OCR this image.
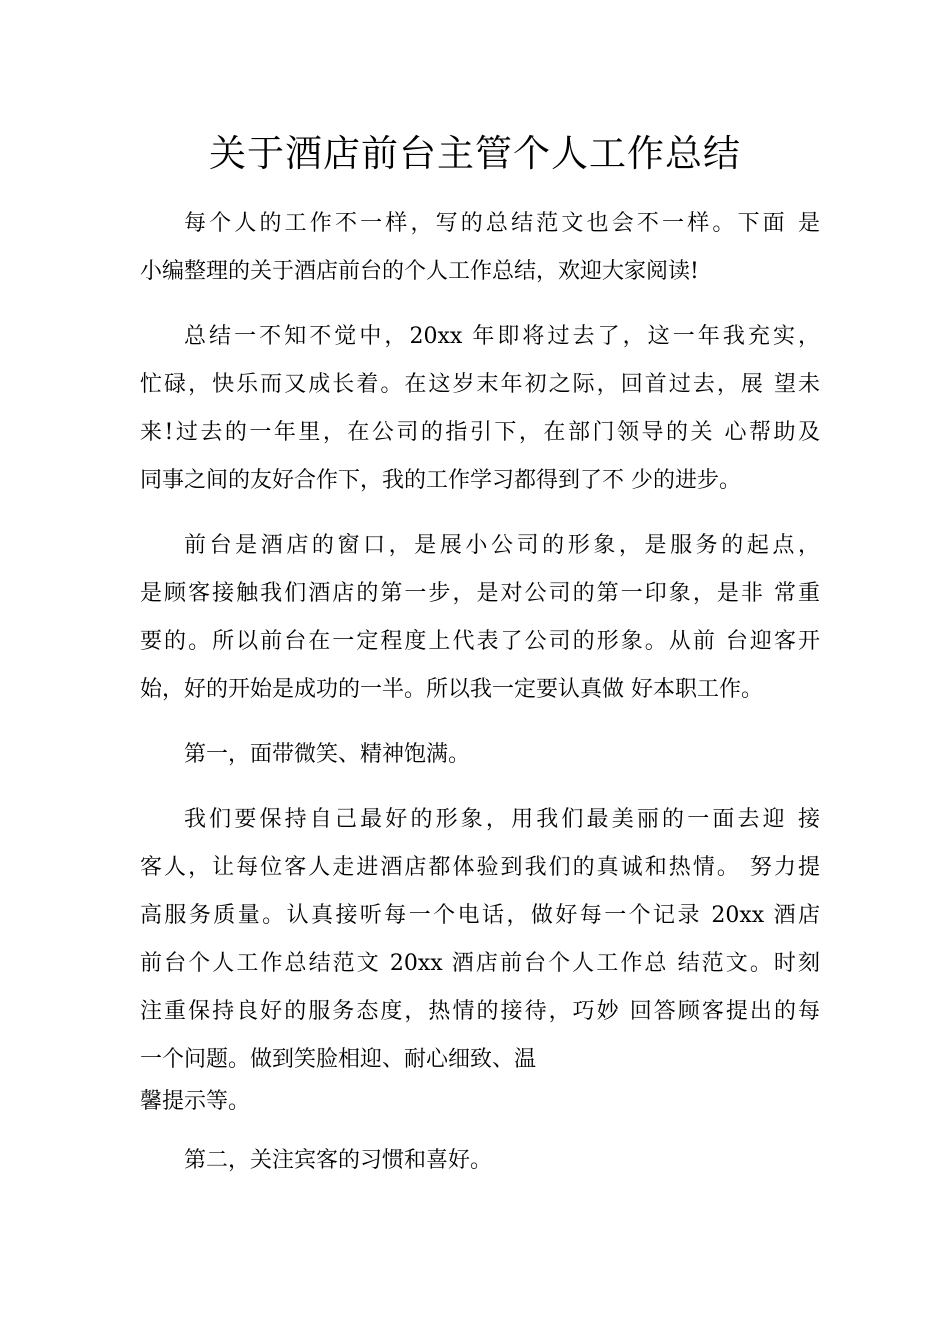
关于酒店前台主管个人工作总结

每个人的工作不一样，写的总结范文也会不一样。下面 是
小编整理的关于酒店前台的个人工作总结，欢迎大家阅读!

总结一不知不觉中，20xx 年即将过去了，这一年我充实，
忙碌，快乐而又成长着。在这岁末年初之际，回首过去，展 望未
来!过去的一年里，在公司的指引下，在部门领导的关 心帮助及
同事之间的友好合作下，我的工作学习都得到了不 少的进步。

前台是酒店的窗口，是展小公司的形象，是服务的起点，
是顾客接触我们酒店的第一步，是对公司的第一印象，是非 常重
要的。所以前台在一定程度上代表了公司的形象。从前 台迎客开
始，好的开始是成功的一半。所以我一定要认真做 好本职工作。

第一，面带微笑、精神饱满。

我们要保持自己最好的形象，用我们最美丽的一面去迎 接
客人，让每位客人走进酒店都体验到我们的真诚和热情。 努力提
高服务质量。认真接听每一个电话，做好每一个记录 20xx 酒店
前台个人工作总结范文 20xx 酒店前台个人工作总 结范文。时刻
注重保持良好的服务态度，热情的接待，巧妙 回答顾客提出的每
一个问题。做到笑脸相迎、耐心细致、温
馨提示等。

第二，关注宾客的习惯和喜好。
